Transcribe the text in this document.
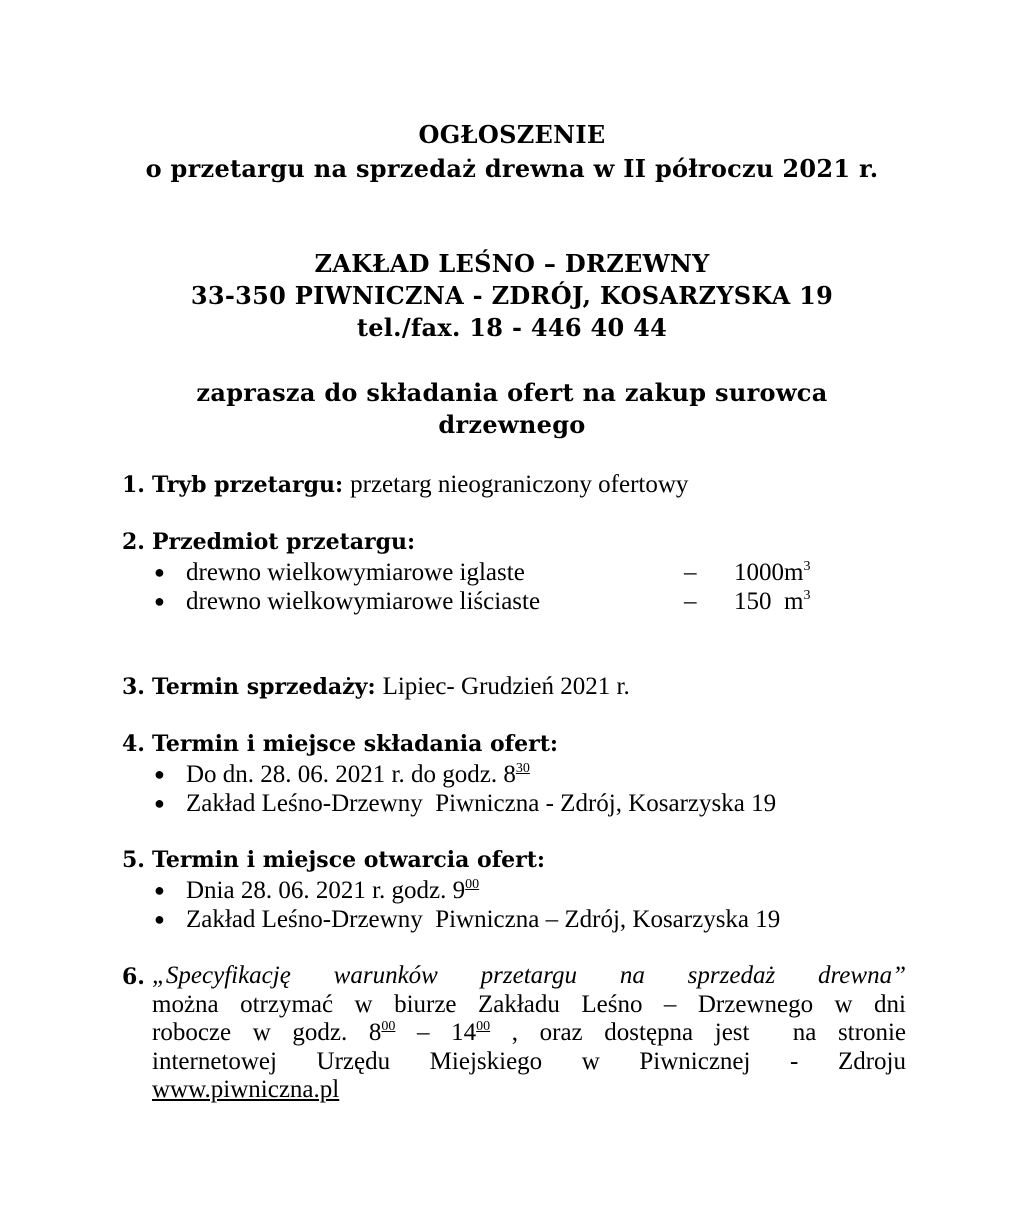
OGŁOSZENIE
o przetargu na sprzedaż drewna w II półroczu 2021 r.
ZAKŁAD LEŚNO – DRZEWNY
33-350 PIWNICZNA - ZDRÓJ, KOSARZYSKA 19
tel./fax. 18 - 446 40 44
zaprasza do składania ofert na zakup surowca
drzewnego
1. Tryb przetargu: przetarg nieograniczony ofertowy
2. Przedmiot przetargu:
● drewno wielkowymiarowe iglaste	– $1000m^3$
● drewno wielkowymiarowe liściaste	– 150  $m^3$
3. Termin sprzedaży: Lipiec- Grudzień 2021 r.
4. Termin i miejsce składania ofert:
● Do dn. 28. 06. 2021 r. do godz. $8^{30}$
● Zakład Leśno-Drzewny  Piwniczna - Zdrój, Kosarzyska 19
5. Termin i miejsce otwarcia ofert:
● Dnia 28. 06. 2021 r. godz. $9^{00}$
● Zakład Leśno-Drzewny  Piwniczna – Zdrój, Kosarzyska 19
6. „Specyfikację warunków przetargu na sprzedaż drewna”
można otrzymać w biurze Zakładu Leśno – Drzewnego w dni
robocze w godz. $8^{00} - 14^{00}$ , oraz dostępna jest  na stronie
internetowej Urzędu Miejskiego w Piwnicznej - Zdroju
www.piwniczna.pl
